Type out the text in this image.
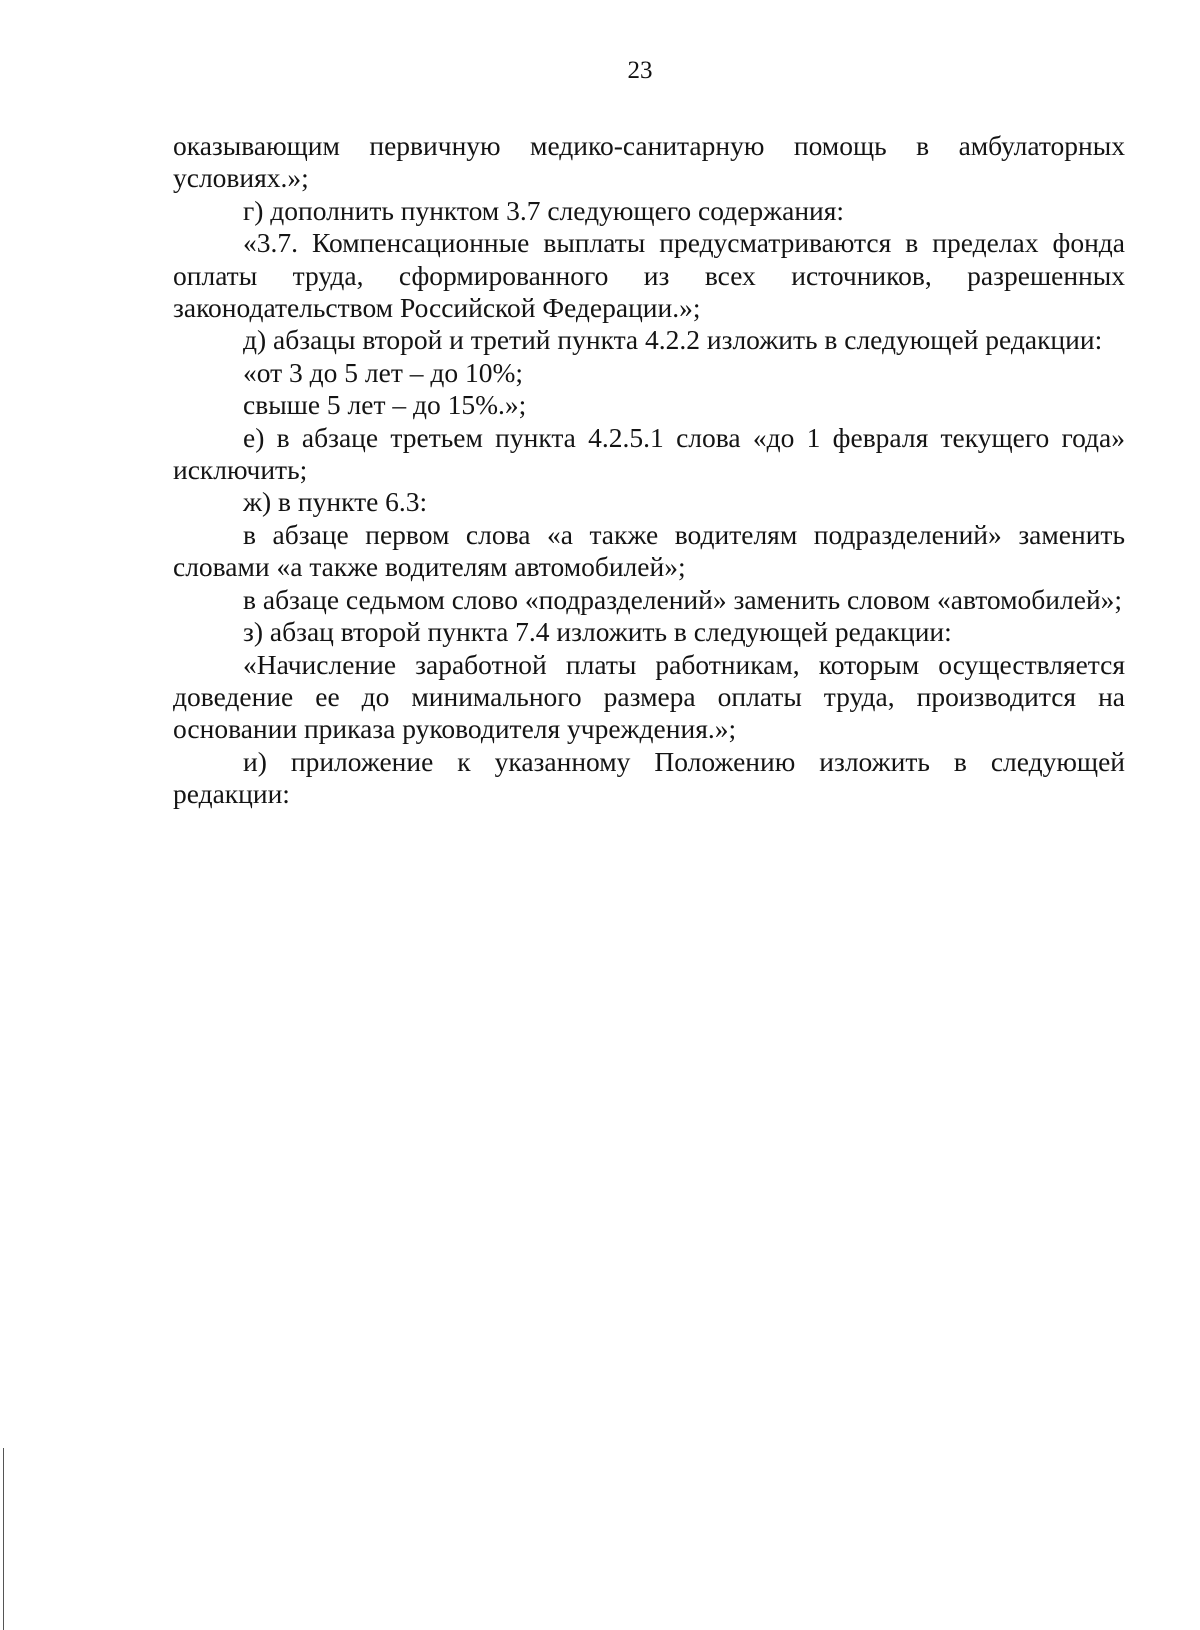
23

оказывающим первичную медико-санитарную помощь в амбулаторных условиях.»;

г) дополнить пунктом 3.7 следующего содержания:

«3.7. Компенсационные выплаты предусматриваются в пределах фонда оплаты труда, сформированного из всех источников, разрешенных законодательством Российской Федерации.»;

д) абзацы второй и третий пункта 4.2.2 изложить в следующей редакции:

«от 3 до 5 лет – до 10%;

свыше 5 лет – до 15%.»;

е) в абзаце третьем пункта 4.2.5.1 слова «до 1 февраля текущего года» исключить;

ж) в пункте 6.3:

в абзаце первом слова «а также водителям подразделений» заменить словами «а также водителям автомобилей»;

в абзаце седьмом слово «подразделений» заменить словом «автомобилей»;

з) абзац второй пункта 7.4 изложить в следующей редакции:

«Начисление заработной платы работникам, которым осуществляется доведение ее до минимального размера оплаты труда, производится на основании приказа руководителя учреждения.»;

и) приложение к указанному Положению изложить в следующей редакции:
